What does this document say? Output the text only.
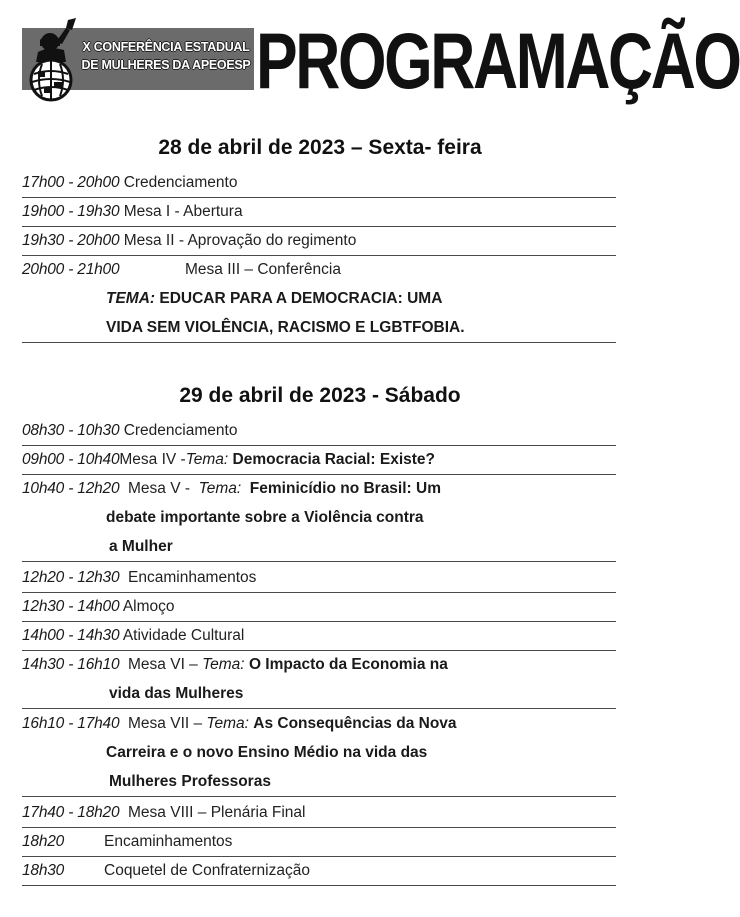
X CONFERÊNCIA ESTADUAL
DE MULHERES DA APEOESP PROGRAMAÇÃO
28 de abril de 2023 – Sexta- feira
17h00 - 20h00 Credenciamento
19h00 - 19h30 Mesa I - Abertura
19h30 - 20h00 Mesa II - Aprovação do regimento
20h00 - 21h00	Mesa III – Conferência
TEMA: EDUCAR PARA A DEMOCRACIA: UMA
VIDA SEM VIOLÊNCIA, RACISMO E LGBTFOBIA.
29 de abril de 2023 - Sábado
08h30 - 10h30 Credenciamento
09h00 - 10h40Mesa IV -Tema: Democracia Racial: Existe?
10h40 - 12h20 Mesa V - Tema: Feminicídio no Brasil: Um
debate importante sobre a Violência contra
a Mulher
12h20 - 12h30 Encaminhamentos
12h30 - 14h00 Almoço
14h00 - 14h30 Atividade Cultural
14h30 - 16h10 Mesa VI – Tema: O Impacto da Economia na
vida das Mulheres
16h10 - 17h40 Mesa VII – Tema: As Consequências da Nova
Carreira e o novo Ensino Médio na vida das
Mulheres Professoras
17h40 - 18h20 Mesa VIII – Plenária Final
18h20	Encaminhamentos
18h30	Coquetel de Confraternização
